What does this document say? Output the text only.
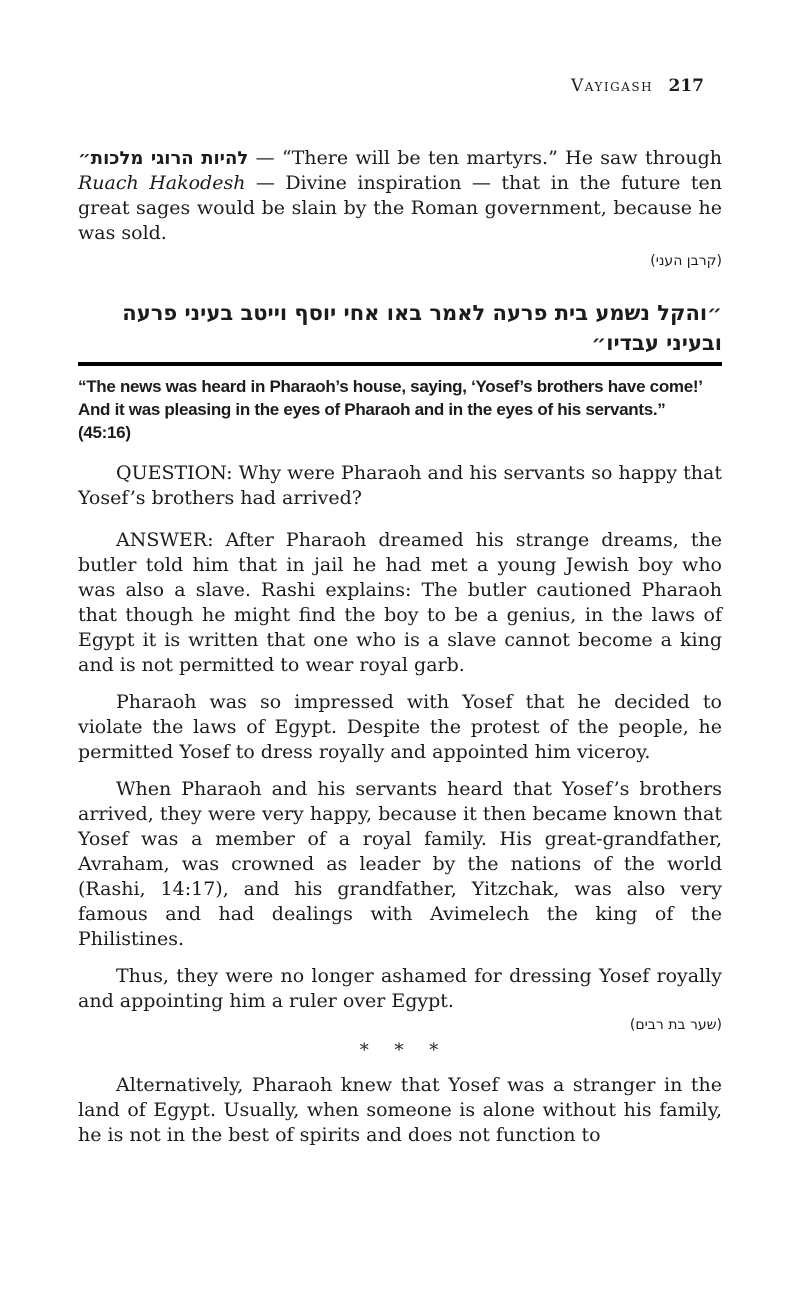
Vayigash 217

להיות הרוגי מלכות״ — “There will be ten martyrs.” He saw through Ruach Hakodesh — Divine inspiration — that in the future ten great sages would be slain by the Roman government, because he was sold.

(קרבן העני)
״והקל נשמע בית פרעה לאמר באו אחי יוסף וייטב בעיני פרעה
ובעיני עבדיו״

“The news was heard in Pharaoh’s house, saying, ‘Yosef’s brothers have come!’ And it was pleasing in the eyes of Pharaoh and in the eyes of his servants.” (45:16)

QUESTION: Why were Pharaoh and his servants so happy that Yosef’s brothers had arrived?

ANSWER: After Pharaoh dreamed his strange dreams, the butler told him that in jail he had met a young Jewish boy who was also a slave. Rashi explains: The butler cautioned Pharaoh that though he might find the boy to be a genius, in the laws of Egypt it is written that one who is a slave cannot become a king and is not permitted to wear royal garb.

Pharaoh was so impressed with Yosef that he decided to violate the laws of Egypt. Despite the protest of the people, he permitted Yosef to dress royally and appointed him viceroy.

When Pharaoh and his servants heard that Yosef’s brothers arrived, they were very happy, because it then became known that Yosef was a member of a royal family. His great-grandfather, Avraham, was crowned as leader by the nations of the world (Rashi, 14:17), and his grandfather, Yitzchak, was also very famous and had dealings with Avimelech the king of the Philistines.

Thus, they were no longer ashamed for dressing Yosef royally and appointing him a ruler over Egypt.

(שער בת רבים)
* * *

Alternatively, Pharaoh knew that Yosef was a stranger in the land of Egypt. Usually, when someone is alone without his family, he is not in the best of spirits and does not function to
